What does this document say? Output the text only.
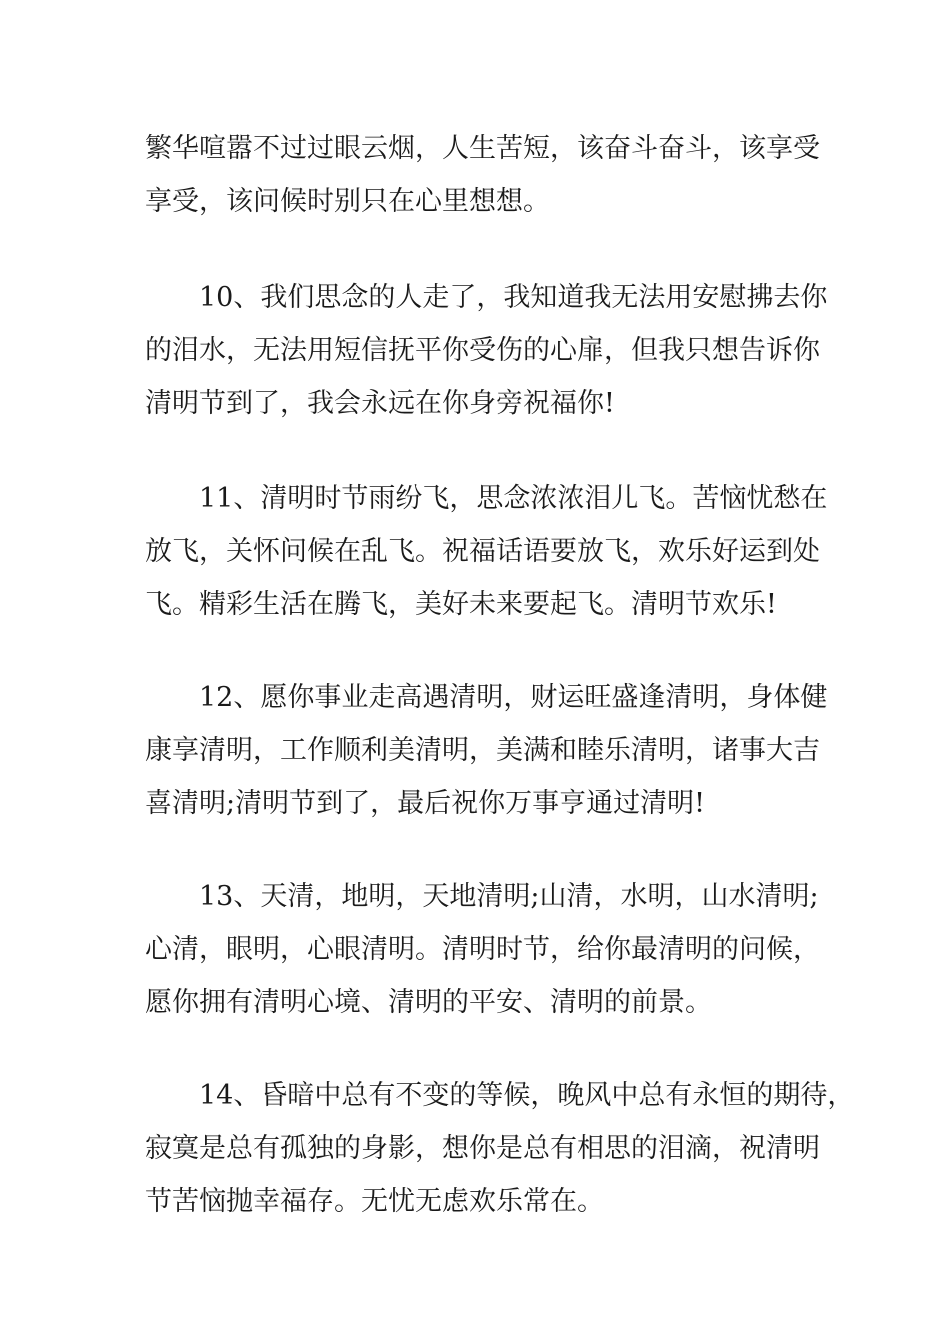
繁华喧嚣不过过眼云烟，人生苦短，该奋斗奋斗，该享受
享受，该问候时别只在心里想想。
10、我们思念的人走了，我知道我无法用安慰拂去你
的泪水，无法用短信抚平你受伤的心扉，但我只想告诉你
清明节到了，我会永远在你身旁祝福你!
11、清明时节雨纷飞，思念浓浓泪儿飞。苦恼忧愁在
放飞，关怀问候在乱飞。祝福话语要放飞，欢乐好运到处
飞。精彩生活在腾飞，美好未来要起飞。清明节欢乐!
12、愿你事业走高遇清明，财运旺盛逢清明，身体健
康享清明，工作顺利美清明，美满和睦乐清明，诸事大吉
喜清明;清明节到了，最后祝你万事亨通过清明!
13、天清，地明，天地清明;山清，水明，山水清明;
心清，眼明，心眼清明。清明时节，给你最清明的问候，
愿你拥有清明心境、清明的平安、清明的前景。
14、昏暗中总有不变的等候，晚风中总有永恒的期待，
寂寞是总有孤独的身影，想你是总有相思的泪滴，祝清明
节苦恼抛幸福存。无忧无虑欢乐常在。
